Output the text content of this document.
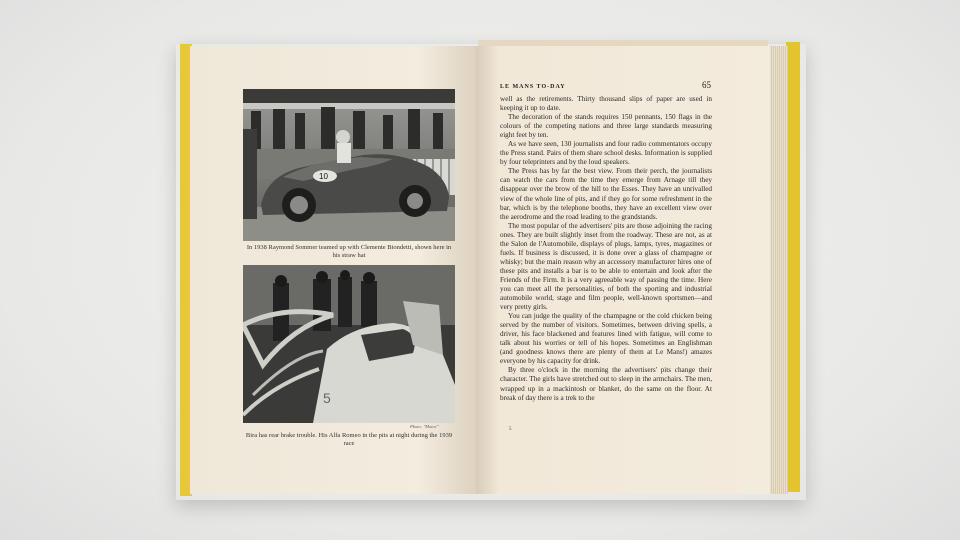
10
In 1938 Raymond Sommer teamed up with Clemente Biondetti, shown here in his straw hat
5
Photo: "Motor"
Bira has rear brake trouble. His Alfa Romeo in the pits at night during the 1939 race
LE MANS TO-DAY	65

well as the retirements. Thirty thousand slips of paper are used in keeping it up to date.

The decoration of the stands requires 150 pennants, 150 flags in the colours of the competing nations and three large standards measuring eight feet by ten.

As we have seen, 130 journalists and four radio commentators occupy the Press stand. Pairs of them share school desks. Information is supplied by four teleprinters and by the loud speakers.

The Press has by far the best view. From their perch, the journalists can watch the cars from the time they emerge from Arnage till they disappear over the brow of the hill to the Esses. They have an unrivalled view of the whole line of pits, and if they go for some refreshment in the bar, which is by the telephone booths, they have an excellent view over the aerodrome and the road leading to the grandstands.

The most popular of the advertisers' pits are those adjoining the racing ones. They are built slightly inset from the roadway. These are not, as at the Salon de l'Automobile, displays of plugs, lamps, tyres, magazines or fuels. If business is discussed, it is done over a glass of champagne or whisky; but the main reason why an accessory manufacturer hires one of these pits and installs a bar is to be able to entertain and look after the Friends of the Firm. It is a very agreeable way of passing the time. Here you can meet all the personalities, of both the sporting and industrial automobile world, stage and film people, well-known sportsmen—and very pretty girls.

You can judge the quality of the champagne or the cold chicken being served by the number of visitors. Sometimes, between driving spells, a driver, his face blackened and features lined with fatigue, will come to talk about his worries or tell of his hopes. Sometimes an Englishman (and goodness knows there are plenty of them at Le Mans!) amazes everyone by his capacity for drink.

By three o'clock in the morning the advertisers' pits change their character. The girls have stretched out to sleep in the armchairs. The men, wrapped up in a mackintosh or blanket, do the same on the floor. At break of day there is a trek to the

5
